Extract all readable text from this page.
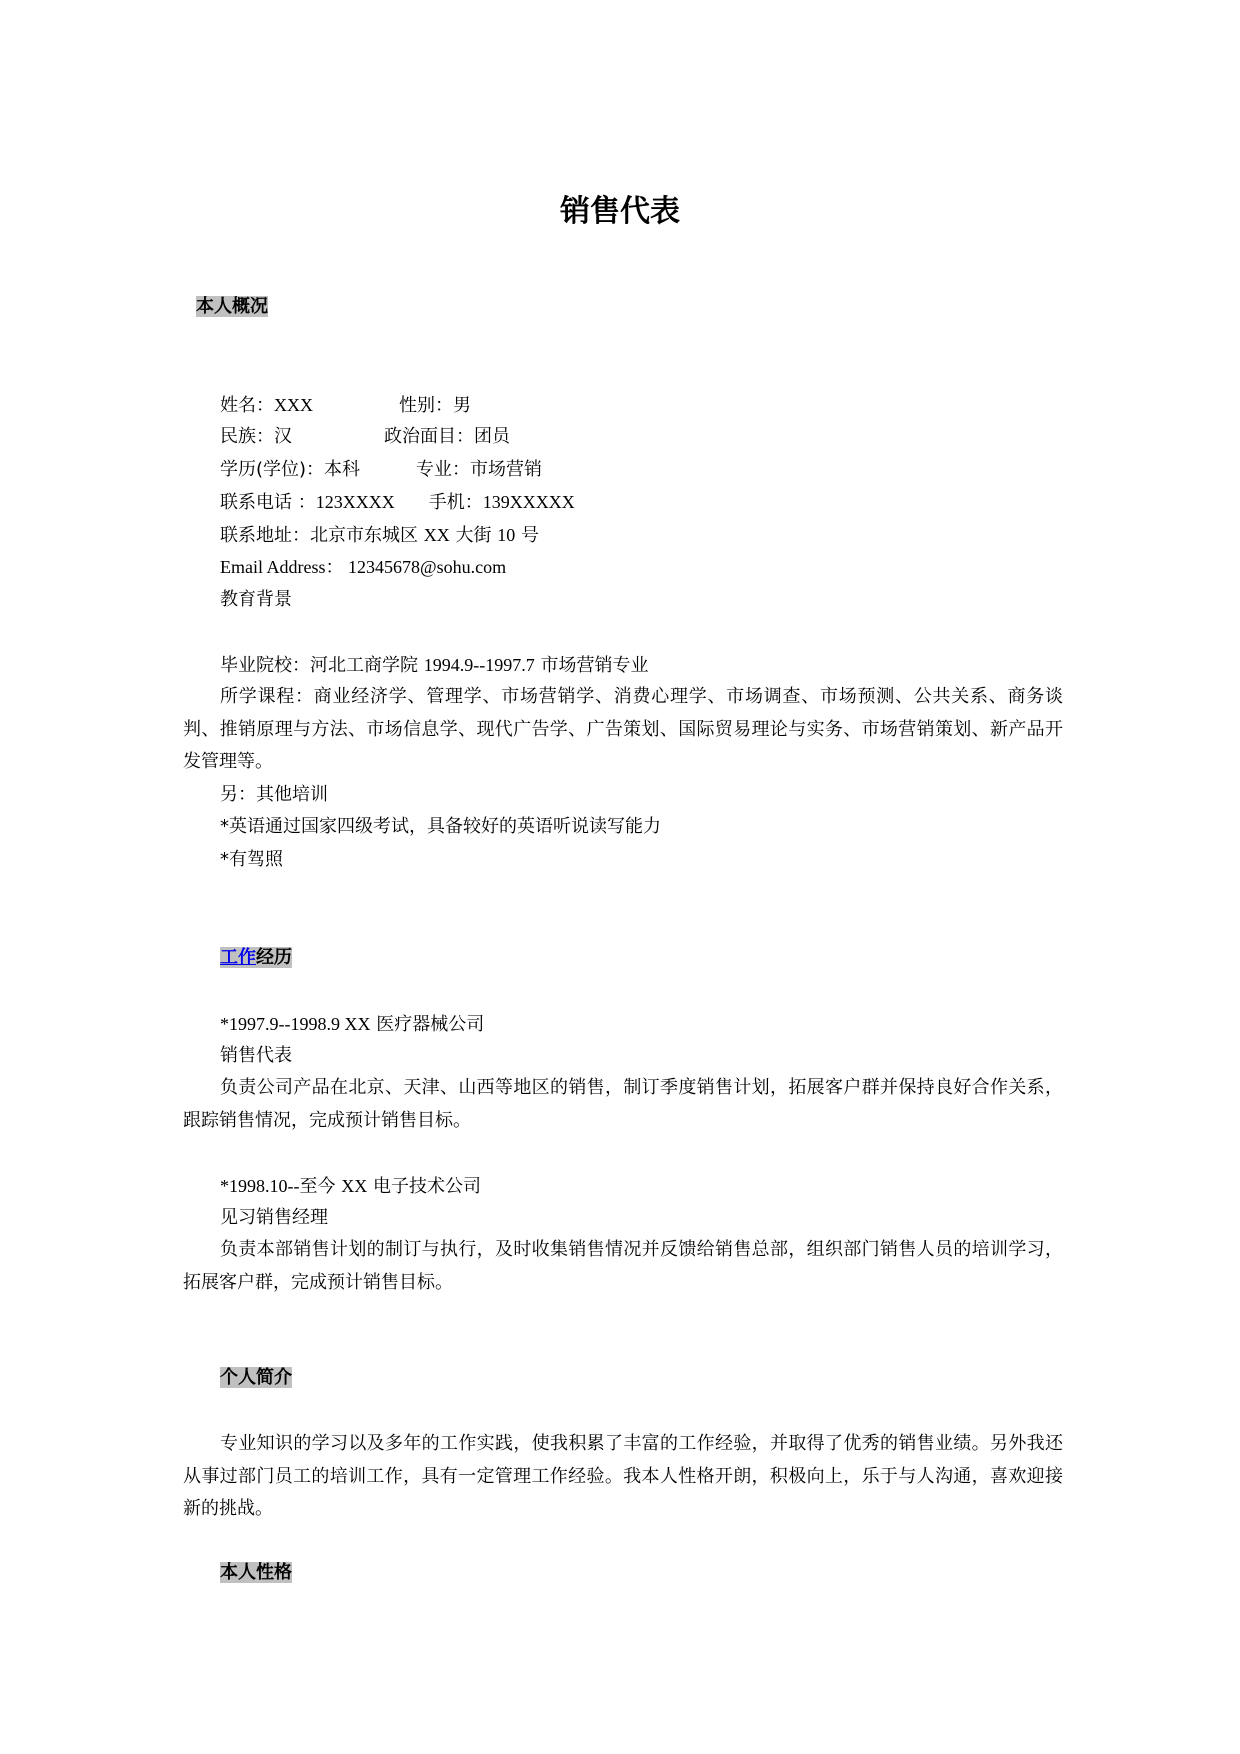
销售代表
本人概况
姓名：XXX	性别：男
民族：汉	政治面目：团员
学历(学位)：本科	专业：市场营销
联系电话 ：123XXXX 手机：139XXXXX
联系地址：北京市东城区 XX 大街 10 号
Email Address： 12345678@sohu.com
教育背景
毕业院校：河北工商学院 1994.9--1997.7 市场营销专业
所学课程：商业经济学、管理学、市场营销学、消费心理学、市场调查、市场预测、公共关系、商务谈判、推销原理与方法、市场信息学、现代广告学、广告策划、国际贸易理论与实务、市场营销策划、新产品开发管理等。
另：其他培训
*英语通过国家四级考试，具备较好的英语听说读写能力
*有驾照
工作经历
*1997.9--1998.9 XX 医疗器械公司
销售代表
负责公司产品在北京、天津、山西等地区的销售，制订季度销售计划，拓展客户群并保持良好合作关系，跟踪销售情况，完成预计销售目标。
*1998.10--至今 XX 电子技术公司
见习销售经理
负责本部销售计划的制订与执行，及时收集销售情况并反馈给销售总部，组织部门销售人员的培训学习，拓展客户群，完成预计销售目标。
个人简介
专业知识的学习以及多年的工作实践，使我积累了丰富的工作经验，并取得了优秀的销售业绩。另外我还从事过部门员工的培训工作，具有一定管理工作经验。我本人性格开朗，积极向上，乐于与人沟通，喜欢迎接新的挑战。
本人性格
